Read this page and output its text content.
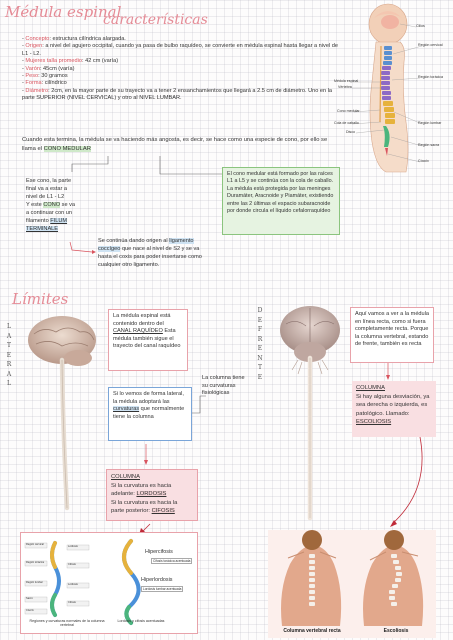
Médula espinal
características
- Concepto: estructura cilíndrica alargada.
- Origen: a nivel del agujero occipital, cuando ya pasa de bulbo raquídeo, se convierte en médula espinal hasta llegar a nivel de L1 - L2.
- Mujeres talla promedio: 42 cm (varía)
- Varón: 45cm (varía)
- Peso: 30 gramos
- Forma: cilíndrico
- Diámetro: 2cm, en la mayor parte de su trayecto va a tener 2 ensanchamientos que llegará a 2.5 cm de diámetro. Uno en la parte SUPERIOR (NIVEL CERVICAL) y otro al NIVEL LUMBAR.
Cilios
Región cervical
Región torácica
Médula espinal
Vértebra
Cono medular
Cola de caballo
Disco
Región lumbar
Región sacra
Cóccix
Cuando esta termina, la médula se va haciendo más angosta, es decir, se hace como una especie de cono, por ello se llama el CONO MEDULAR
Ese cono, la parte
final va a estar a
nivel de L1 - L2
Y este CONO se va
a continuar con un
filamento FILUM
TERMINALE
Se continúa dando origen al ligamento coccígeo que nace al nivel de S2 y se va hasta el coxis para poder insertarse como cualquier otro ligamento.
El cono medular está formado por las raíces L1 a L5 y se continúa con la cola de caballo. La médula está protegida por las meninges Duramáter, Aracnoide y Piamáter, existiendo entre las 2 últimas el espacio subaracnoide por donde circula el líquido cefalorraquídeo
Límites
L
A
T
E
R
A
L
D
E
F
R
E
N
T
E
La médula espinal está contenido dentro del CANAL RAQUÍDEO Esta médula también sigue el trayecto del canal raquídeo
Si lo vemos de forma lateral, la médula adoptará las curvaturas que normalmente tiene la columna
La columna tiene su curvaturas fisiológicas
COLUMNA
Si la curvatura es hacia
adelante: LORDOSIS
Si la curvatura es hacia la
parte posterior: CIFOSIS
Aquí vamos a ver a la médula en línea recta, como si fuera completamente recta. Porque la columna vertebral, estando de frente, también es recta
COLUMNA
Si hay alguna desviación, ya sea derecha o izquierda, es patológico. Llamado: ESCOLIOSIS
Región cervical
Región torácica
Región lumbar
Sacro
Cóccix
Lordosis
Cifosis
Lordosis
Cifosis
Hipercifosis
Cifosis torácica acentuada
Hiperlordosis
Lordosis lumbar acentuada
Regiones y curvaturas normales de la columna vertebral
Lordosis y cifosis acentuadas
Columna vertebral recta	Escoliosis
